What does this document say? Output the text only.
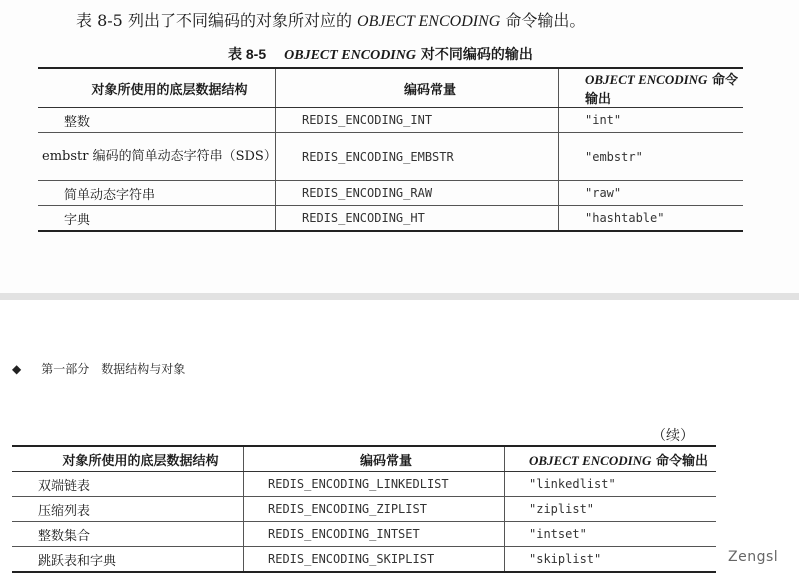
表 8-5 列出了不同编码的对象所对应的 OBJECT ENCODING 命令输出。
表 8-5 OBJECT ENCODING 对不同编码的输出
对象所使用的底层数据结构	编码常量	OBJECT ENCODING 命令输出
整数	REDIS_ENCODING_INT	"int"
embstr 编码的简单动态字符串（SDS）	REDIS_ENCODING_EMBSTR	"embstr"
简单动态字符串	REDIS_ENCODING_RAW	"raw"
字典	REDIS_ENCODING_HT	"hashtable"
◆ 第一部分　数据结构与对象
（续）
对象所使用的底层数据结构	编码常量	OBJECT ENCODING 命令输出
双端链表	REDIS_ENCODING_LINKEDLIST	"linkedlist"
压缩列表	REDIS_ENCODING_ZIPLIST	"ziplist"
整数集合	REDIS_ENCODING_INTSET	"intset"
跳跃表和字典	REDIS_ENCODING_SKIPLIST	"skiplist"	Zengsl
